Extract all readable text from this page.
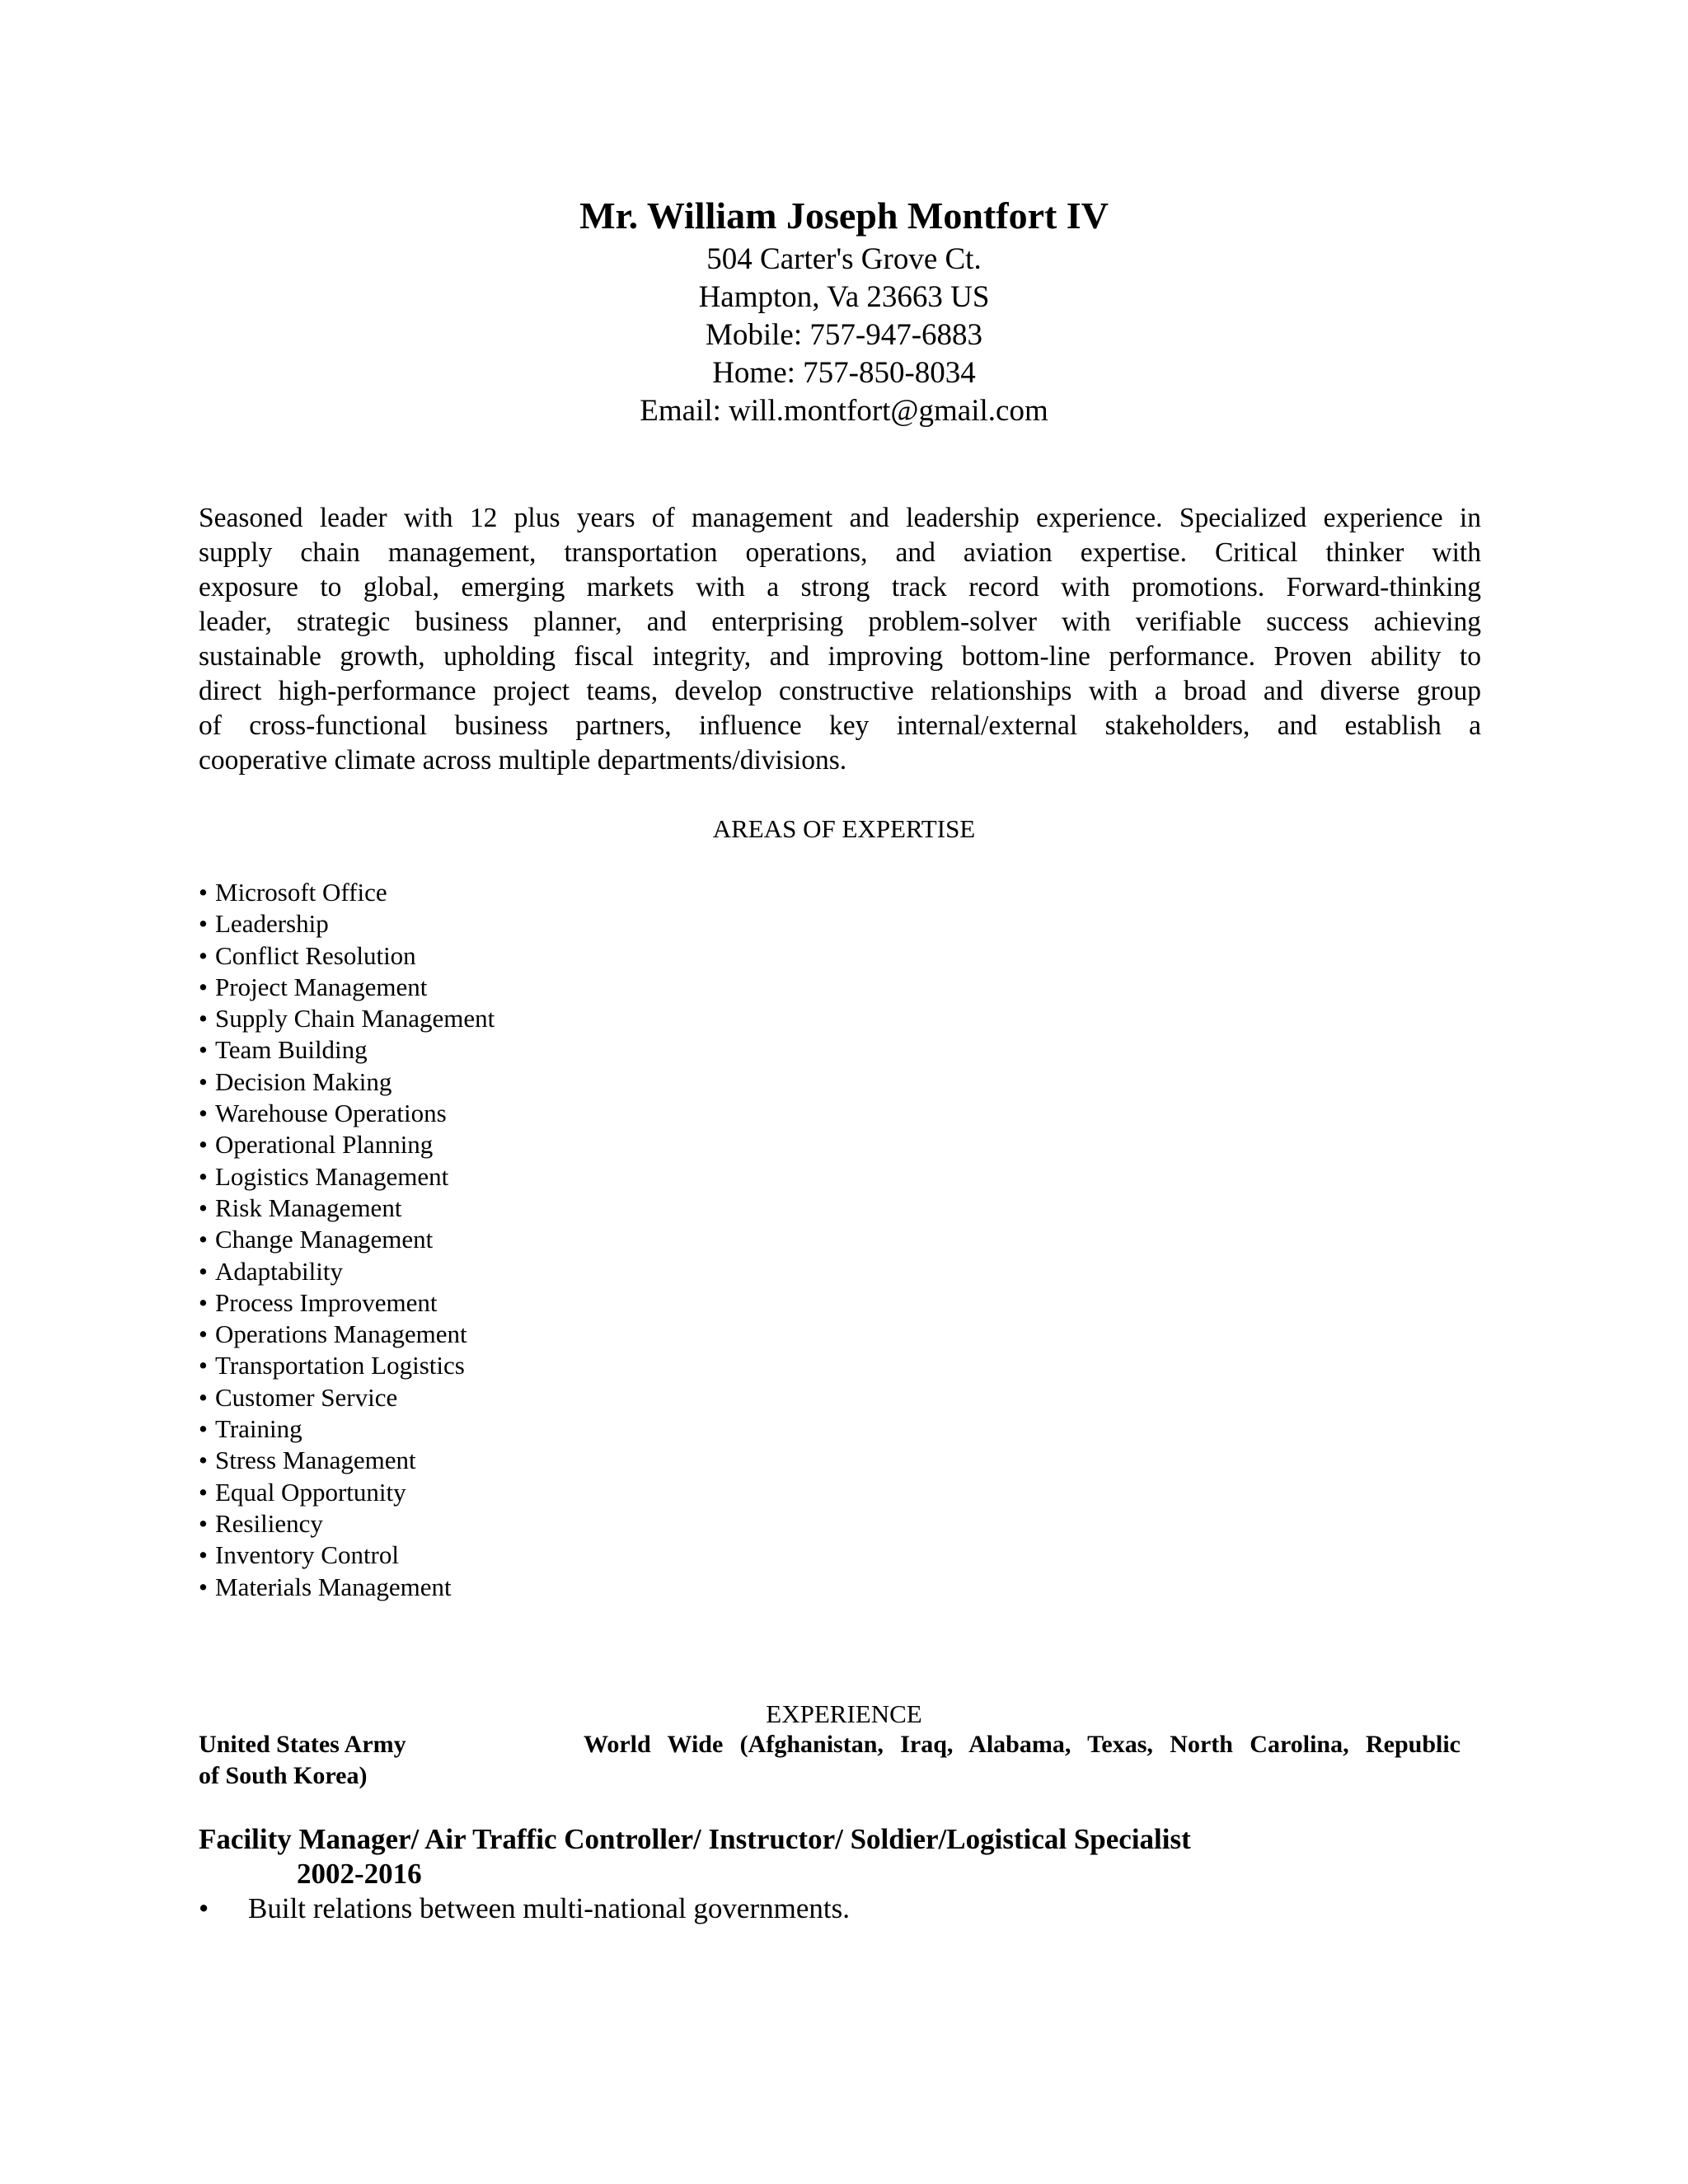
Mr. William Joseph Montfort IV
504 Carter's Grove Ct.
Hampton, Va 23663 US
Mobile: 757-947-6883
Home: 757-850-8034
Email: will.montfort@gmail.com
Seasoned leader with 12 plus years of management and leadership experience. Specialized experience in
supply chain management, transportation operations, and aviation expertise. Critical thinker with
exposure to global, emerging markets with a strong track record with promotions. Forward-thinking
leader, strategic business planner, and enterprising problem-solver with verifiable success achieving
sustainable growth, upholding fiscal integrity, and improving bottom-line performance. Proven ability to
direct high-performance project teams, develop constructive relationships with a broad and diverse group
of cross-functional business partners, influence key internal/external stakeholders, and establish a
cooperative climate across multiple departments/divisions.
AREAS OF EXPERTISE
• Microsoft Office
• Leadership
• Conflict Resolution
• Project Management
• Supply Chain Management
• Team Building
• Decision Making
• Warehouse Operations
• Operational Planning
• Logistics Management
• Risk Management
• Change Management
• Adaptability
• Process Improvement
• Operations Management
• Transportation Logistics
• Customer Service
• Training
• Stress Management
• Equal Opportunity
• Resiliency
• Inventory Control
• Materials Management
EXPERIENCE
United States Army	World Wide (Afghanistan, Iraq, Alabama, Texas, North Carolina, Republic
of South Korea)
Facility Manager/ Air Traffic Controller/ Instructor/ Soldier/Logistical Specialist
2002-2016
• Built relations between multi-national governments.
